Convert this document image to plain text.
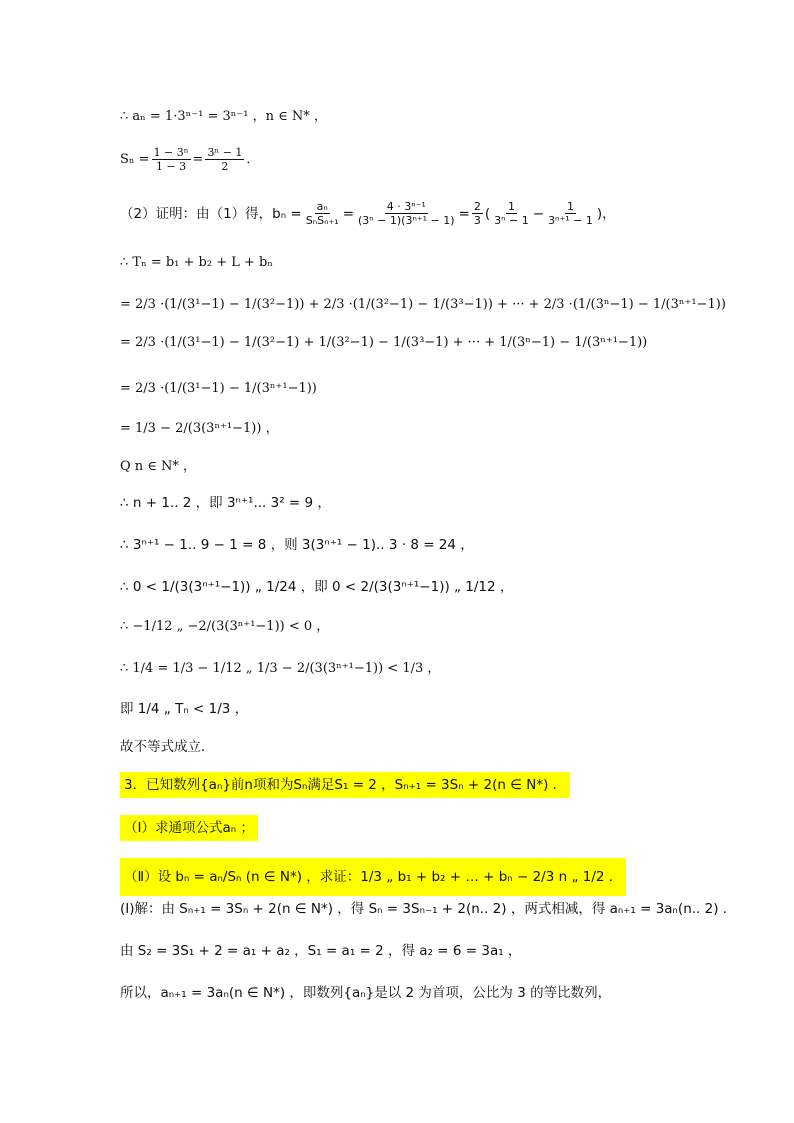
∴ aₙ = 1·3ⁿ⁻¹ = 3ⁿ⁻¹ ，n ∈ N* ，
$S_n = \frac{\text{1 − 3ⁿ}}{1 - 3} = \frac{\text{3ⁿ − 1}}{2}$ ．
（2）证明：由（1）得，$b_n = \frac{\text{aₙ}}{\text{SₙSₙ₊₁}} = \frac{\text{4 · 3ⁿ⁻¹}}{\text{(3ⁿ − 1)(3ⁿ⁺¹ − 1)}} = \frac{2}{3}$ ( $\frac{1}{\text{3ⁿ − 1}} - \frac{1}{\text{3ⁿ⁺¹ − 1}}$ )，
∴ Tₙ = b₁ + b₂ + L + bₙ
= 2/3 ·(1/(3¹−1) − 1/(3²−1)) + 2/3 ·(1/(3²−1) − 1/(3³−1)) + ··· + 2/3 ·(1/(3ⁿ−1) − 1/(3ⁿ⁺¹−1))
= 2/3 ·(1/(3¹−1) − 1/(3²−1) + 1/(3²−1) − 1/(3³−1) + ··· + 1/(3ⁿ−1) − 1/(3ⁿ⁺¹−1))
= 2/3 ·(1/(3¹−1) − 1/(3ⁿ⁺¹−1))
= 1/3 − 2/(3(3ⁿ⁺¹−1)) ，
Q n ∈ N* ，
∴ n + 1.. 2 ，即 3ⁿ⁺¹... 3² = 9 ，
∴ 3ⁿ⁺¹ − 1.. 9 − 1 = 8 ，则 3(3ⁿ⁺¹ − 1).. 3 · 8 = 24 ，
∴ 0 < 1/(3(3ⁿ⁺¹−1)) „ 1/24 ，即 0 < 2/(3(3ⁿ⁺¹−1)) „ 1/12 ，
∴ −1/12 „ −2/(3(3ⁿ⁺¹−1)) < 0 ，
∴ 1/4 = 1/3 − 1/12 „ 1/3 − 2/(3(3ⁿ⁺¹−1)) < 1/3 ，
即 1/4 „ Tₙ < 1/3 ，
故不等式成立．
3．已知数列{aₙ}前n项和为Sₙ满足S₁ = 2 ，Sₙ₊₁ = 3Sₙ + 2(n ∈ N*) ．
（Ⅰ）求通项公式aₙ ；
（Ⅱ）设 bₙ = aₙ/Sₙ (n ∈ N*) ，求证：1/3 „ b₁ + b₂ + … + bₙ − 2/3 n „ 1/2 ．
(I)解：由 Sₙ₊₁ = 3Sₙ + 2(n ∈ N*) ，得 Sₙ = 3Sₙ₋₁ + 2(n.. 2) ，两式相减，得 aₙ₊₁ = 3aₙ(n.. 2) ．
由 S₂ = 3S₁ + 2 = a₁ + a₂ ，S₁ = a₁ = 2 ，得 a₂ = 6 = 3a₁ ，
所以，aₙ₊₁ = 3aₙ(n ∈ N*) ，即数列{aₙ}是以 2 为首项，公比为 3 的等比数列，
